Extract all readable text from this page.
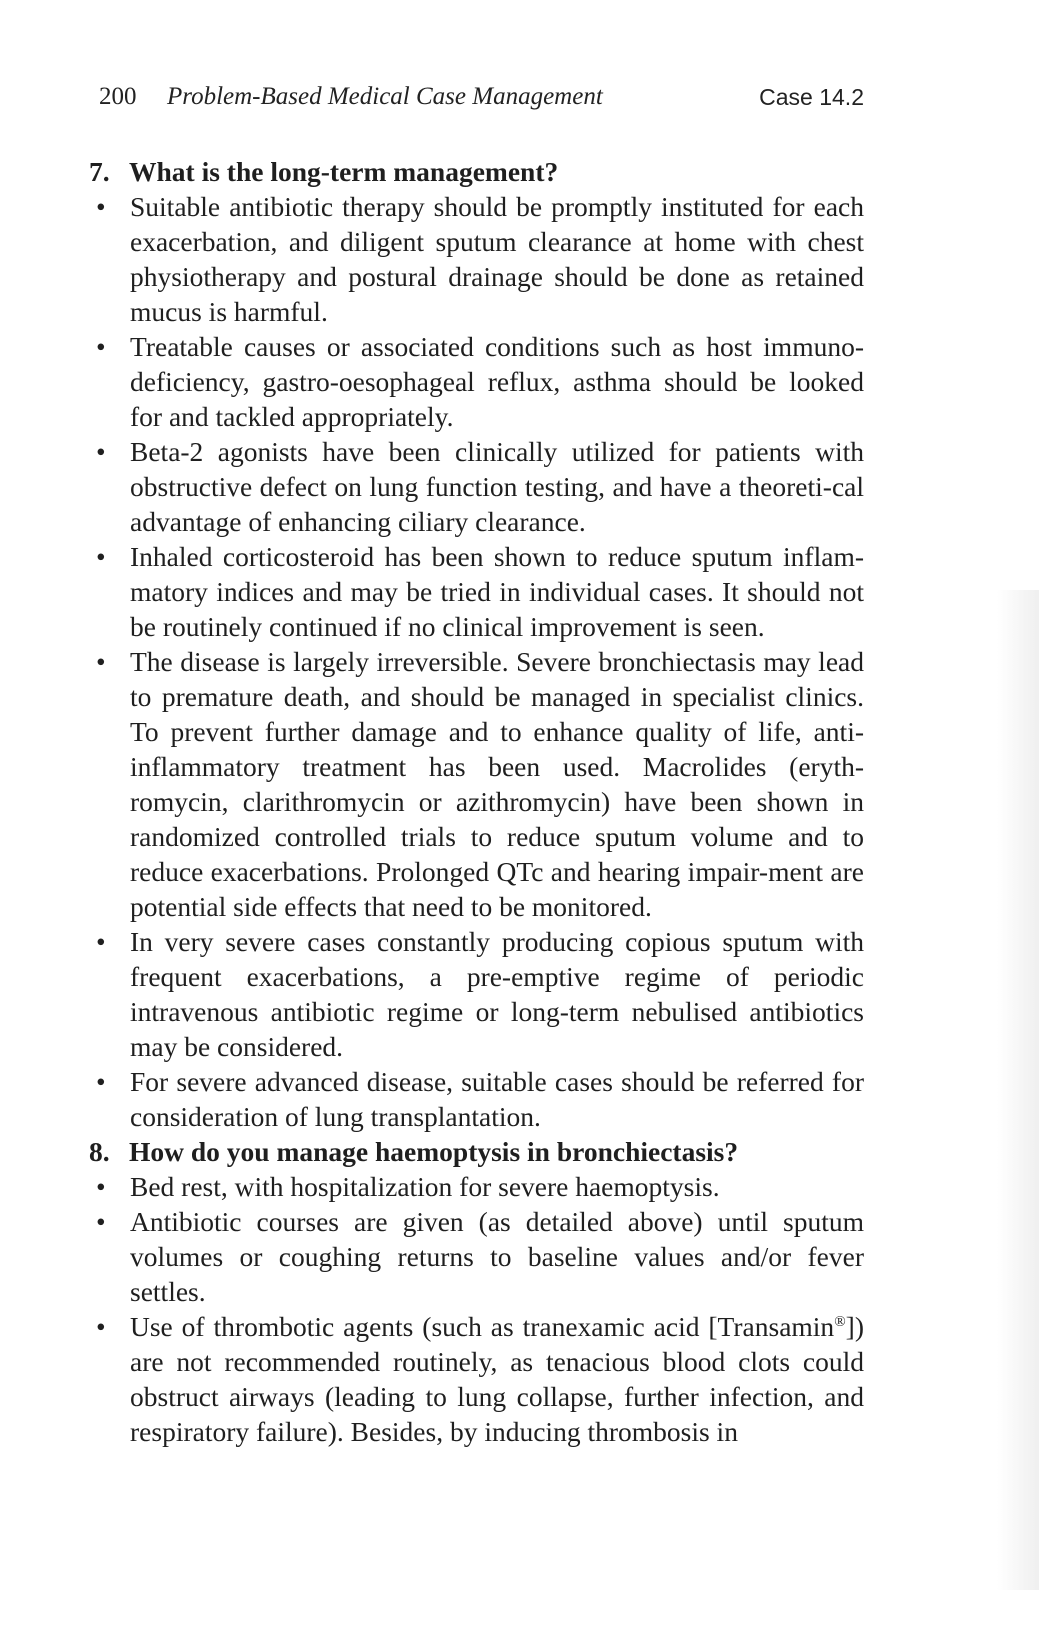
200 Problem-Based Medical Case Management	Case 14.2

7. What is the long-term management?

• Suitable antibiotic therapy should be promptly instituted for each exacerbation, and diligent sputum clearance at home with chest physiotherapy and postural drainage should be done as retained mucus is harmful.
• Treatable causes or associated conditions such as host immuno-deficiency, gastro-oesophageal reflux, asthma should be looked for and tackled appropriately.
• Beta-2 agonists have been clinically utilized for patients with obstructive defect on lung function testing, and have a theoreti-cal advantage of enhancing ciliary clearance.
• Inhaled corticosteroid has been shown to reduce sputum inflam-matory indices and may be tried in individual cases. It should not be routinely continued if no clinical improvement is seen.
• The disease is largely irreversible. Severe bronchiectasis may lead to premature death, and should be managed in specialist clinics. To prevent further damage and to enhance quality of life, anti-inflammatory treatment has been used. Macrolides (eryth-romycin, clarithromycin or azithromycin) have been shown in randomized controlled trials to reduce sputum volume and to reduce exacerbations. Prolonged QTc and hearing impair-ment are potential side effects that need to be monitored.
• In very severe cases constantly producing copious sputum with frequent exacerbations, a pre-emptive regime of periodic intravenous antibiotic regime or long-term nebulised antibiotics may be considered.
• For severe advanced disease, suitable cases should be referred for consideration of lung transplantation.

8. How do you manage haemoptysis in bronchiectasis?

• Bed rest, with hospitalization for severe haemoptysis.
• Antibiotic courses are given (as detailed above) until sputum volumes or coughing returns to baseline values and/or fever settles.
• Use of thrombotic agents (such as tranexamic acid [Transamin®]) are not recommended routinely, as tenacious blood clots could obstruct airways (leading to lung collapse, further infection, and respiratory failure). Besides, by inducing thrombosis in
